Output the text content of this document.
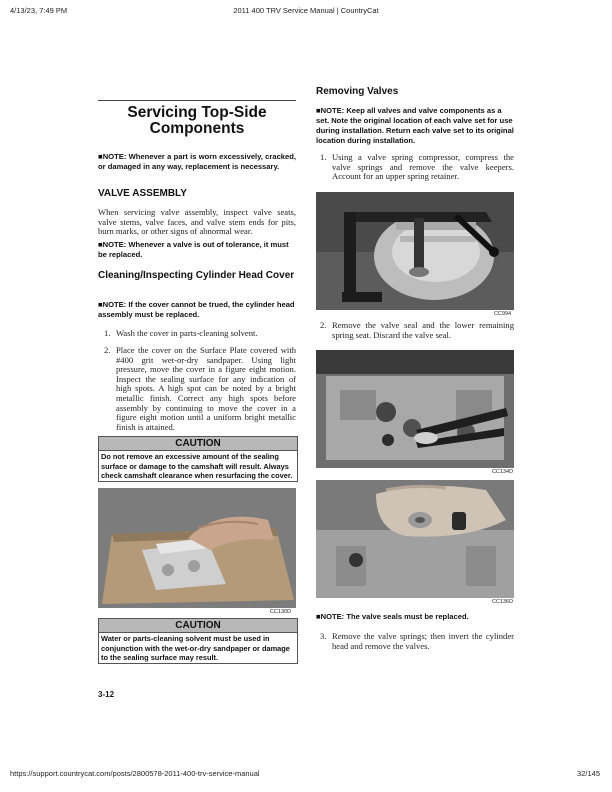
4/13/23, 7:49 PM	2011 400 TRV Service Manual | CountryCat
Servicing Top-Side
Components
■NOTE: Whenever a part is worn excessively, cracked, or damaged in any way, replacement is necessary.
VALVE ASSEMBLY
When servicing valve assembly, inspect valve seats, valve stems, valve faces, and valve stem ends for pits, burn marks, or other signs of abnormal wear.
■NOTE: Whenever a valve is out of tolerance, it must be replaced.
Cleaning/Inspecting Cylinder Head Cover
■NOTE: If the cover cannot be trued, the cylinder head assembly must be replaced.
1. Wash the cover in parts-cleaning solvent.
2. Place the cover on the Surface Plate covered with #400 grit wet-or-dry sandpaper. Using light pressure, move the cover in a figure eight motion. Inspect the sealing surface for any indication of high spots. A high spot can be noted by a bright metallic finish. Correct any high spots before assembly by continuing to move the cover in a figure eight motion until a uniform bright metallic finish is attained.
CAUTION
Do not remove an excessive amount of the sealing surface or damage to the camshaft will result. Always check camshaft clearance when resurfacing the cover.
CC130D
CAUTION
Water or parts-cleaning solvent must be used in conjunction with the wet-or-dry sandpaper or damage to the sealing surface may result.
3-12
Removing Valves
■NOTE: Keep all valves and valve components as a set. Note the original location of each valve set for use during installation. Return each valve set to its original location during installation.
1. Using a valve spring compressor, compress the valve springs and remove the valve keepers. Account for an upper spring retainer.
CC994
2. Remove the valve seal and the lower remaining spring seat. Discard the valve seal.
CC134D
CC136D
■NOTE: The valve seals must be replaced.
3. Remove the valve springs; then invert the cylinder head and remove the valves.
https://support.countrycat.com/posts/2800578-2011-400-trv-service-manual	32/145
